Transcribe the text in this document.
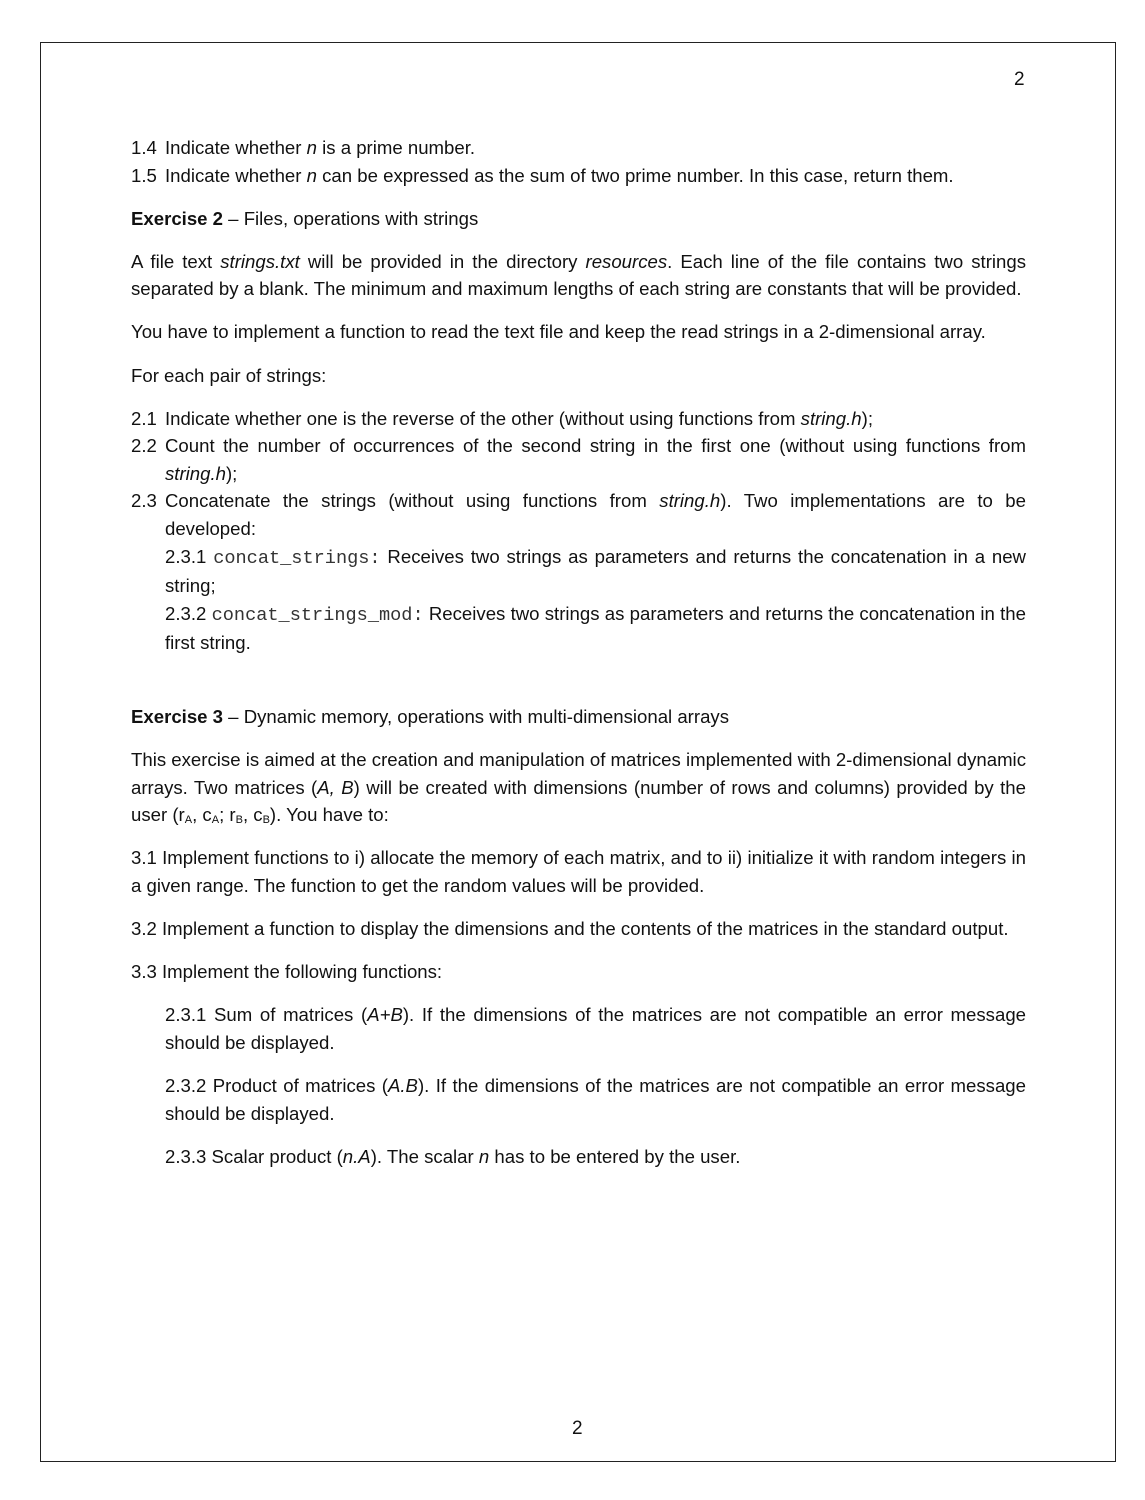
2
1.4 Indicate whether n is a prime number.
1.5 Indicate whether n can be expressed as the sum of two prime number. In this case, return them.

Exercise 2 – Files, operations with strings

A file text strings.txt will be provided in the directory resources. Each line of the file contains two strings separated by a blank. The minimum and maximum lengths of each string are constants that will be provided.

You have to implement a function to read the text file and keep the read strings in a 2-dimensional array.

For each pair of strings:

2.1 Indicate whether one is the reverse of the other (without using functions from string.h);
2.2 Count the number of occurrences of the second string in the first one (without using functions from string.h);
2.3 Concatenate the strings (without using functions from string.h). Two implementations are to be developed:
2.3.1 concat_strings: Receives two strings as parameters and returns the concatenation in a new string;
2.3.2 concat_strings_mod: Receives two strings as parameters and returns the concatenation in the first string.

Exercise 3 – Dynamic memory, operations with multi-dimensional arrays

This exercise is aimed at the creation and manipulation of matrices implemented with 2-dimensional dynamic arrays. Two matrices (A, B) will be created with dimensions (number of rows and columns) provided by the user ($r_A$, $c_A$; $r_B$, $c_B$). You have to:

3.1 Implement functions to i) allocate the memory of each matrix, and to ii) initialize it with random integers in a given range. The function to get the random values will be provided.

3.2 Implement a function to display the dimensions and the contents of the matrices in the standard output.

3.3 Implement the following functions:

2.3.1 Sum of matrices (A+B). If the dimensions of the matrices are not compatible an error message should be displayed.

2.3.2 Product of matrices (A.B). If the dimensions of the matrices are not compatible an error message should be displayed.

2.3.3 Scalar product (n.A). The scalar n has to be entered by the user.

2
